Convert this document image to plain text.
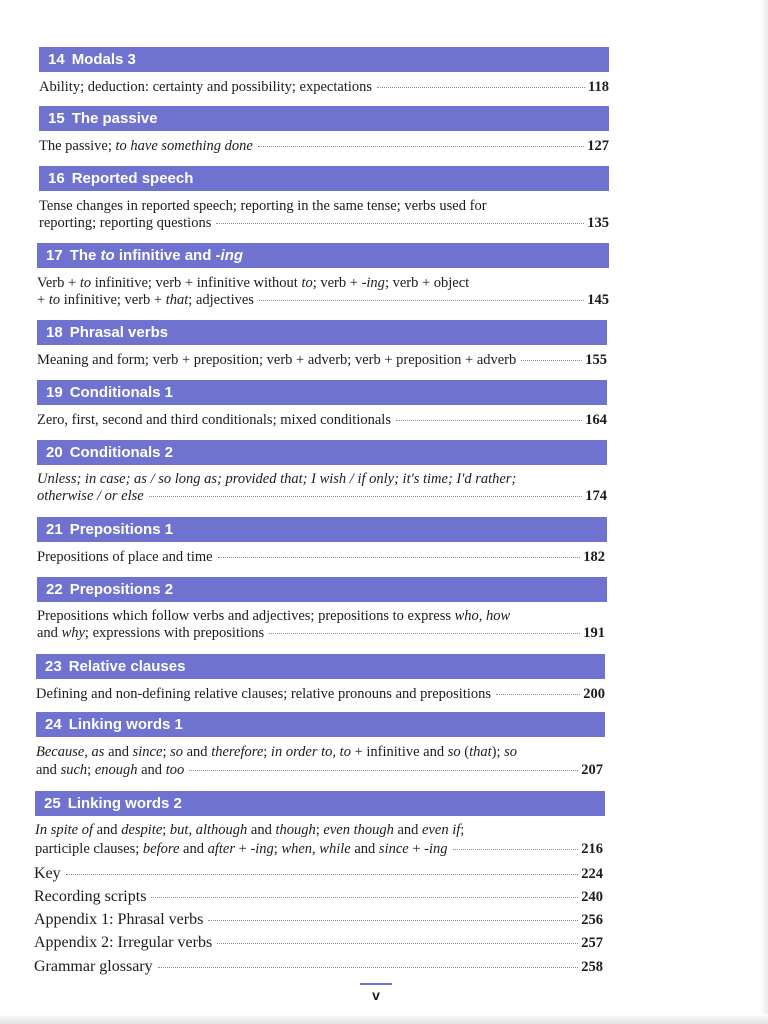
14 Modals 3
Ability; deduction: certainty and possibility; expectations	118
15 The passive
The passive; to have something done	127
16 Reported speech
Tense changes in reported speech; reporting in the same tense; verbs used for
reporting; reporting questions	135
17 The to infinitive and -ing
Verb + to infinitive; verb + infinitive without to; verb + -ing; verb + object
+ to infinitive; verb + that; adjectives	145
18 Phrasal verbs
Meaning and form; verb + preposition; verb + adverb; verb + preposition + adverb	155
19 Conditionals 1
Zero, first, second and third conditionals; mixed conditionals	164
20 Conditionals 2
Unless; in case; as / so long as; provided that; I wish / if only; it's time; I'd rather;
otherwise / or else	174
21 Prepositions 1
Prepositions of place and time	182
22 Prepositions 2
Prepositions which follow verbs and adjectives; prepositions to express who, how
and why; expressions with prepositions	191
23 Relative clauses
Defining and non-defining relative clauses; relative pronouns and prepositions	200
24 Linking words 1
Because, as and since; so and therefore; in order to, to + infinitive and so (that); so
and such; enough and too	207
25 Linking words 2
In spite of and despite; but, although and though; even though and even if;
participle clauses; before and after + -ing; when, while and since + -ing	216
Key	224
Recording scripts	240
Appendix 1: Phrasal verbs	256
Appendix 2: Irregular verbs	257
Grammar glossary	258
v
